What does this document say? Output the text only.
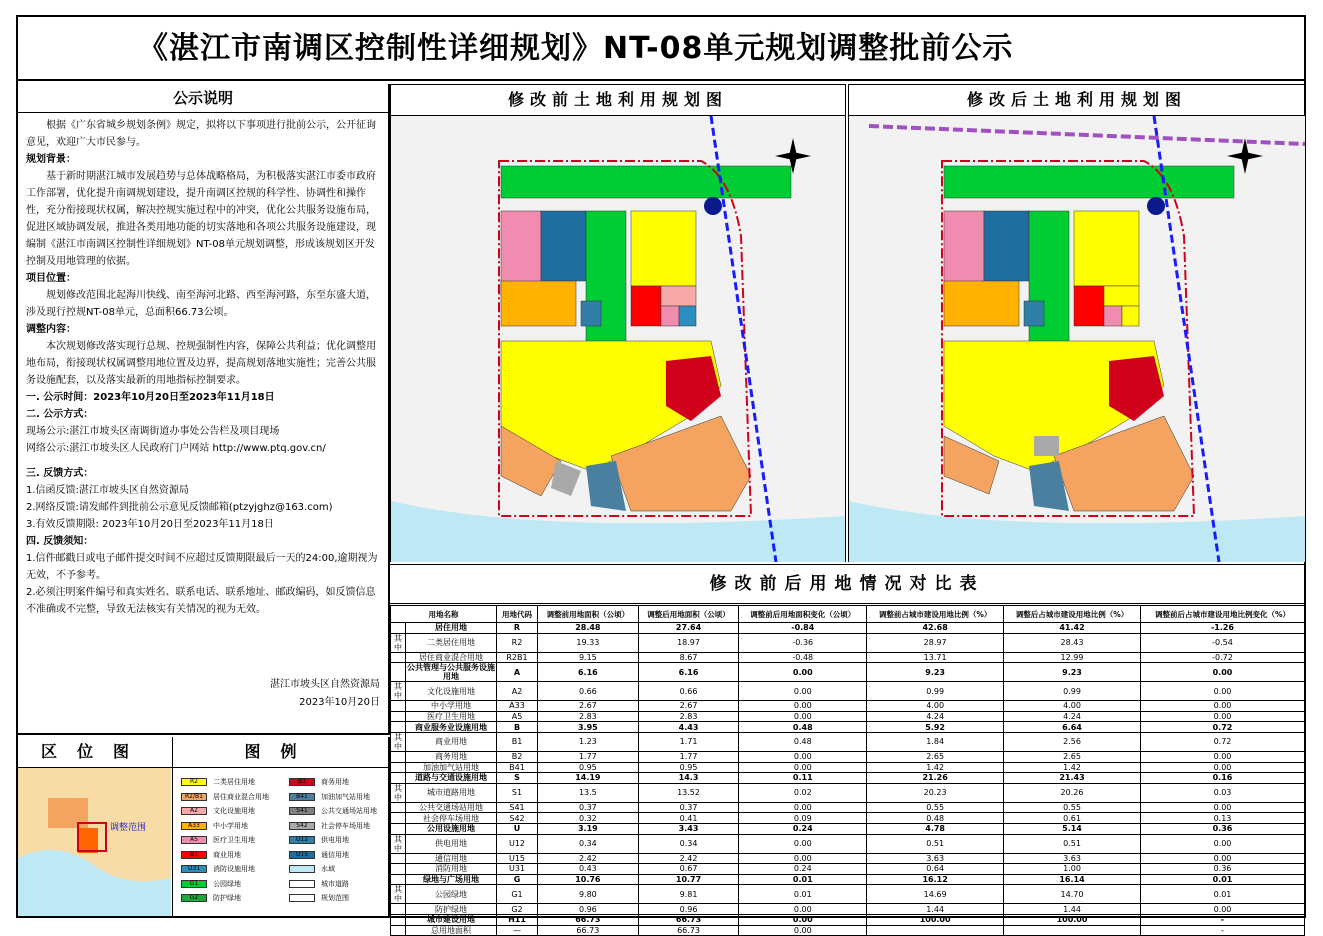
《湛江市南调区控制性详细规划》NT-08单元规划调整批前公示
公示说明

根据《广东省城乡规划条例》规定，拟将以下事项进行批前公示，公开征询意见，欢迎广大市民参与。

规划背景：

基于新时期湛江城市发展趋势与总体战略格局，为积极落实湛江市委市政府工作部署，优化提升南调规划建设，提升南调区控规的科学性、协调性和操作性，充分衔接现状权属，解决控规实施过程中的冲突，优化公共服务设施布局，促进区域协调发展，推进各类用地功能的切实落地和各项公共服务设施建设，现编制《湛江市南调区控制性详细规划》NT-08单元规划调整，形成该规划区开发控制及用地管理的依据。

项目位置：

规划修改范围北起海川快线、南至海河北路、西至海河路，东至东盛大道，涉及现行控规NT-08单元，总面积66.73公顷。

调整内容：

本次规划修改落实现行总规、控规强制性内容，保障公共利益；优化调整用地布局，衔接现状权属调整用地位置及边界，提高规划落地实施性；完善公共服务设施配套，以及落实最新的用地指标控制要求。

一. 公示时间：2023年10月20日至2023年11月18日

二. 公示方式：

现场公示:湛江市坡头区南调街道办事处公告栏及项目现场

网络公示:湛江市坡头区人民政府门户网站 http://www.ptq.gov.cn/

三. 反馈方式：

1.信函反馈:湛江市坡头区自然资源局

2.网络反馈:请发邮件到批前公示意见反馈邮箱(ptzyjghz@163.com)

3.有效反馈期限: 2023年10月20日至2023年11月18日

四. 反馈须知：

1.信件邮戳日或电子邮件提交时间不应超过反馈期限最后一天的24:00,逾期视为无效，不予参考。

2.必须注明案件编号和真实姓名、联系电话、联系地址、邮政编码，如反馈信息不准确或不完整，导致无法核实有关情况的视为无效。

湛江市坡头区自然资源局
2023年10月20日
修改前土地利用规划图	修改后土地利用规划图
区位图
调整范围
图例
R2	二类居住用地
R2/B1	居住商业混合用地
A2	文化设施用地
A33	中小学用地
A5	医疗卫生用地
B1	商业用地
U31	消防设施用地
G1	公园绿地
G2	防护绿地
B2	商务用地
B41	加油加气站用地
S41	公共交通场站用地
S42	社会停车场用地
U12	供电用地
U15	通信用地
水域
城市道路
规划范围
修改前后用地情况对比表
用地名称		用地代码	调整前用地面积（公顷）	调整后用地面积（公顷）	调整前后用地面积变化（公顷）	调整前占城市建设用地比例（%）	调整后占城市建设用地比例（%）	调整前后占城市建设用地比例变化（%）
	居住用地	R	28.48	27.64	-0.84	42.68	41.42	-1.26
其中	二类居住用地	R2	19.33	18.97	-0.36	28.97	28.43	-0.54
	居住商业混合用地	R2B1	9.15	8.67	-0.48	13.71	12.99	-0.72
	公共管理与公共服务设施用地	A	6.16	6.16	0.00	9.23	9.23	0.00
其中	文化设施用地	A2	0.66	0.66	0.00	0.99	0.99	0.00
	中小学用地	A33	2.67	2.67	0.00	4.00	4.00	0.00
	医疗卫生用地	A5	2.83	2.83	0.00	4.24	4.24	0.00
	商业服务业设施用地	B	3.95	4.43	0.48	5.92	6.64	0.72
其中	商业用地	B1	1.23	1.71	0.48	1.84	2.56	0.72
	商务用地	B2	1.77	1.77	0.00	2.65	2.65	0.00
	加油加气站用地	B41	0.95	0.95	0.00	1.42	1.42	0.00
	道路与交通设施用地	S	14.19	14.3	0.11	21.26	21.43	0.16
其中	城市道路用地	S1	13.5	13.52	0.02	20.23	20.26	0.03
	公共交通场站用地	S41	0.37	0.37	0.00	0.55	0.55	0.00
	社会停车场用地	S42	0.32	0.41	0.09	0.48	0.61	0.13
	公用设施用地	U	3.19	3.43	0.24	4.78	5.14	0.36
其中	供电用地	U12	0.34	0.34	0.00	0.51	0.51	0.00
	通信用地	U15	2.42	2.42	0.00	3.63	3.63	0.00
	消防用地	U31	0.43	0.67	0.24	0.64	1.00	0.36
	绿地与广场用地	G	10.76	10.77	0.01	16.12	16.14	0.01
其中	公园绿地	G1	9.80	9.81	0.01	14.69	14.70	0.01
	防护绿地	G2	0.96	0.96	0.00	1.44	1.44	0.00
	城市建设用地	H11	66.73	66.73	0.00	100.00	100.00	-
	总用地面积	—	66.73	66.73	0.00			-
